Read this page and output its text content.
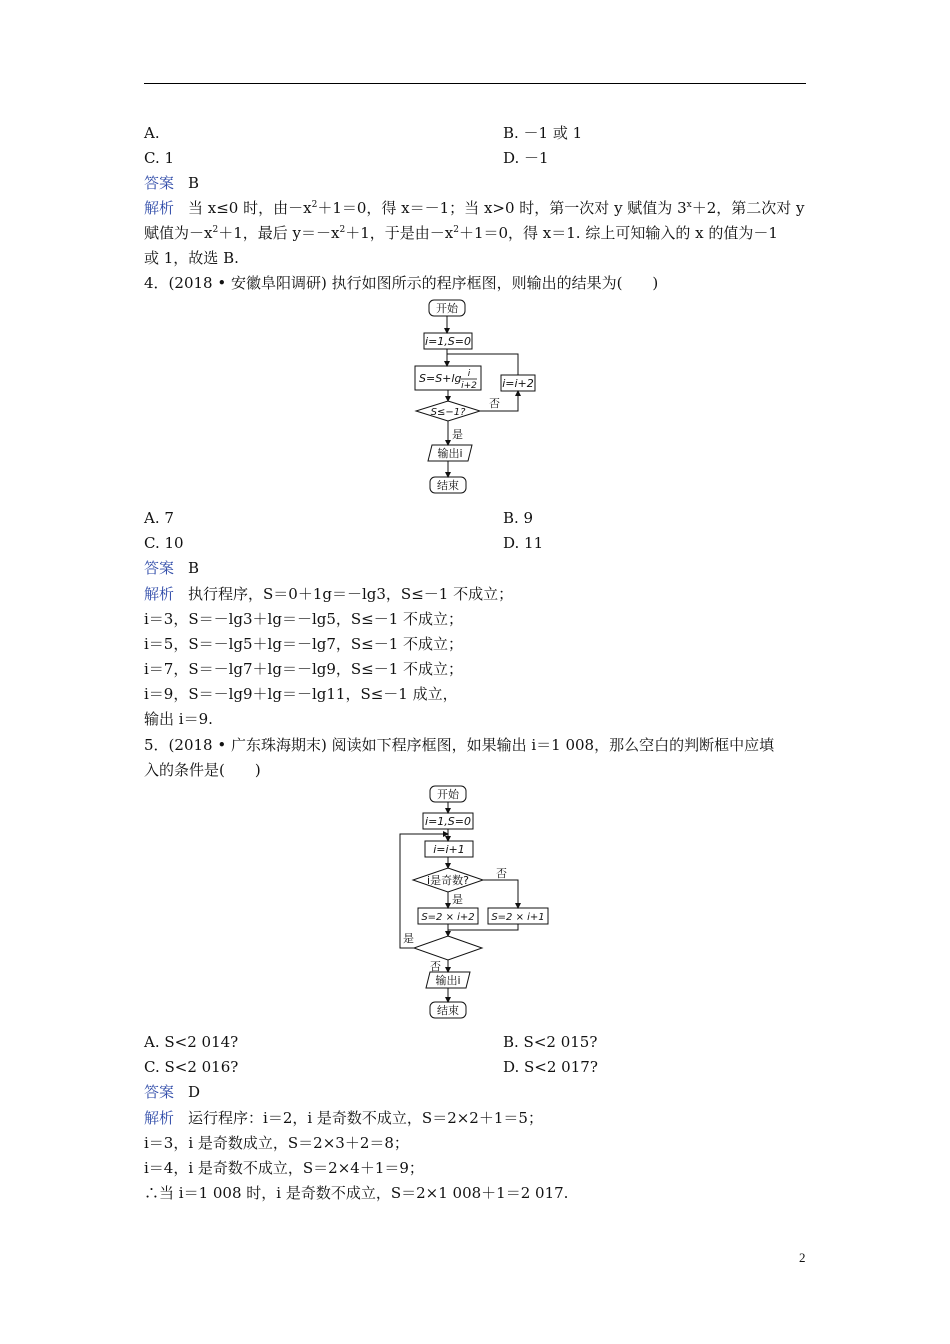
A.	B. －1 或 1
C. 1	D. －1
答案 B
解析 当 x≤0 时，由$-x^2+1=0$，得 x＝－1；当 x>0 时，第一次对 y 赋值为 $3^x+2$，第二次对 y
赋值为$-x^2+1$，最后 $y=-x^2+1$，于是由$-x^2+1=0$，得 x＝1. 综上可知输入的 x 的值为－1
或 1，故选 B.
4．(2018 • 安徽阜阳调研) 执行如图所示的程序框图，则输出的结果为(　　)
开始
i=1,S=0
S=S+lg i
i+2 i=i+2
S≤−1?
否
是
输出i
结束
A. 7	B. 9
C. 10	D. 11
答案 B
解析 执行程序，S＝0＋1g＝－lg3，S≤－1 不成立；
i＝3，S＝－lg3＋lg＝－lg5，S≤－1 不成立；
i＝5，S＝－lg5＋lg＝－lg7，S≤－1 不成立；
i＝7，S＝－lg7＋lg＝－lg9，S≤－1 不成立；
i＝9，S＝－lg9＋lg＝－lg11，S≤－1 成立，
输出 i＝9.
5．(2018 • 广东珠海期末) 阅读如下程序框图，如果输出 i＝1 008，那么空白的判断框中应填
入的条件是(　　)
开始
i=1,S=0
i=i+1
i是奇数?
否
是
S=2 × i+2 S=2 × i+1
是
否
输出i
结束
A. S<2 014?	B. S<2 015?
C. S<2 016?	D. S<2 017?
答案 D
解析 运行程序：i＝2，i 是奇数不成立，S＝2×2＋1＝5；
i＝3，i 是奇数成立，S＝2×3＋2＝8；
i＝4，i 是奇数不成立，S＝2×4＋1＝9；
∴当 i＝1 008 时，i 是奇数不成立，S＝2×1 008＋1＝2 017.
2
